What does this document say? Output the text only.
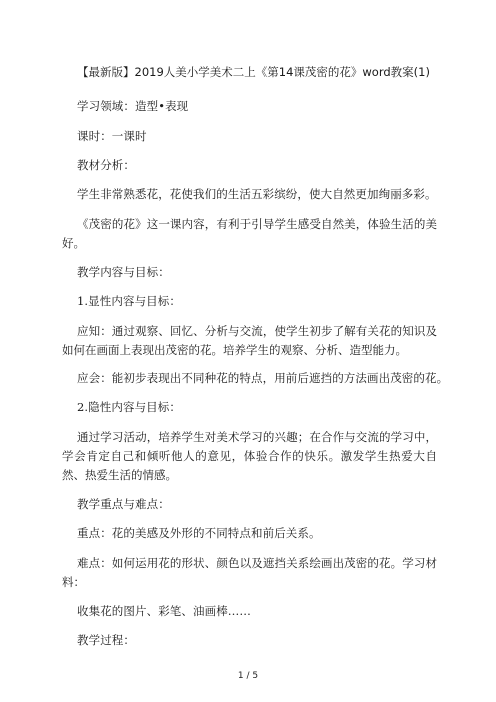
【最新版】2019人美小学美术二上《第14课茂密的花》word教案(1)
学习领域：造型•表现
课时：一课时
教材分析：
学生非常熟悉花，花使我们的生活五彩缤纷，使大自然更加绚丽多彩。
《茂密的花》这一课内容，有利于引导学生感受自然美，体验生活的美好。
教学内容与目标：
1.显性内容与目标：
应知：通过观察、回忆、分析与交流，使学生初步了解有关花的知识及如何在画面上表现出茂密的花。培养学生的观察、分析、造型能力。
应会：能初步表现出不同种花的特点，用前后遮挡的方法画出茂密的花。
2.隐性内容与目标：
通过学习活动，培养学生对美术学习的兴趣；在合作与交流的学习中，学会肯定自己和倾听他人的意见，体验合作的快乐。激发学生热爱大自然、热爱生活的情感。
教学重点与难点：
重点：花的美感及外形的不同特点和前后关系。
难点：如何运用花的形状、颜色以及遮挡关系绘画出茂密的花。学习材料：
收集花的图片、彩笔、油画棒……
教学过程：
1 / 5
